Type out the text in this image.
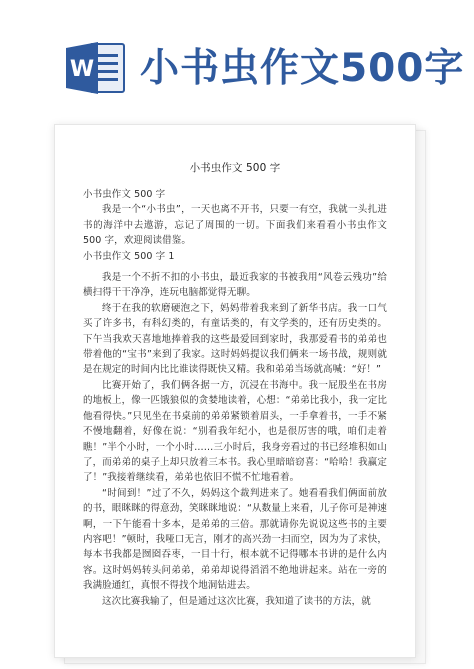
W 小书虫作文500字
小书虫作文 500 字

小书虫作文 500 字

我是一个“小书虫”，一天也离不开书，只要一有空，我就一头扎进书的海洋中去遨游，忘记了周围的一切。下面我们来看看小书虫作文 500 字，欢迎阅读借鉴。

小书虫作文 500 字 1

我是一个不折不扣的小书虫，最近我家的书被我用“风卷云残功”给横扫得干干净净，连玩电脑都觉得无聊。

终于在我的软磨硬泡之下，妈妈带着我来到了新华书店。我一口气买了许多书，有科幻类的，有童话类的，有文学类的，还有历史类的。下午当我欢天喜地地捧着我的这些最爱回到家时，我那爱看书的弟弟也带着他的“宝书”来到了我家。这时妈妈提议我们俩来一场书战，规则就是在规定的时间内比比谁读得既快又精。我和弟弟当场就高喊：“好！”

比赛开始了，我们俩各据一方，沉浸在书海中。我一屁股坐在书房的地板上，像一匹饿狼似的贪婪地读着，心想：“弟弟比我小，我一定比他看得快。”只见坐在书桌前的弟弟紧锁着眉头，一手拿着书，一手不紧不慢地翻着，好像在说：“别看我年纪小，也是很厉害的哦，咱们走着瞧！”半个小时，一个小时……三小时后，我身旁看过的书已经堆积如山了，而弟弟的桌子上却只放着三本书。我心里暗暗窃喜：“哈哈！我赢定了！”我接着继续看，弟弟也依旧不慌不忙地看着。

“时间到！”过了不久，妈妈这个裁判进来了。她看看我们俩面前放的书，眼眯眯的得意劲，笑眯眯地说：“从数量上来看，儿子你可是神速啊，一下午能看十多本，是弟弟的三倍。那就请你先说说这些书的主要内容吧！”顿时，我哑口无言，刚才的高兴劲一扫而空，因为为了求快，每本书我都是囫囵吞枣，一目十行，根本就不记得哪本书讲的是什么内容。这时妈妈转头问弟弟，弟弟却说得滔滔不绝地讲起来。站在一旁的我满脸通红，真恨不得找个地洞钻进去。

这次比赛我输了，但是通过这次比赛，我知道了读书的方法，就
